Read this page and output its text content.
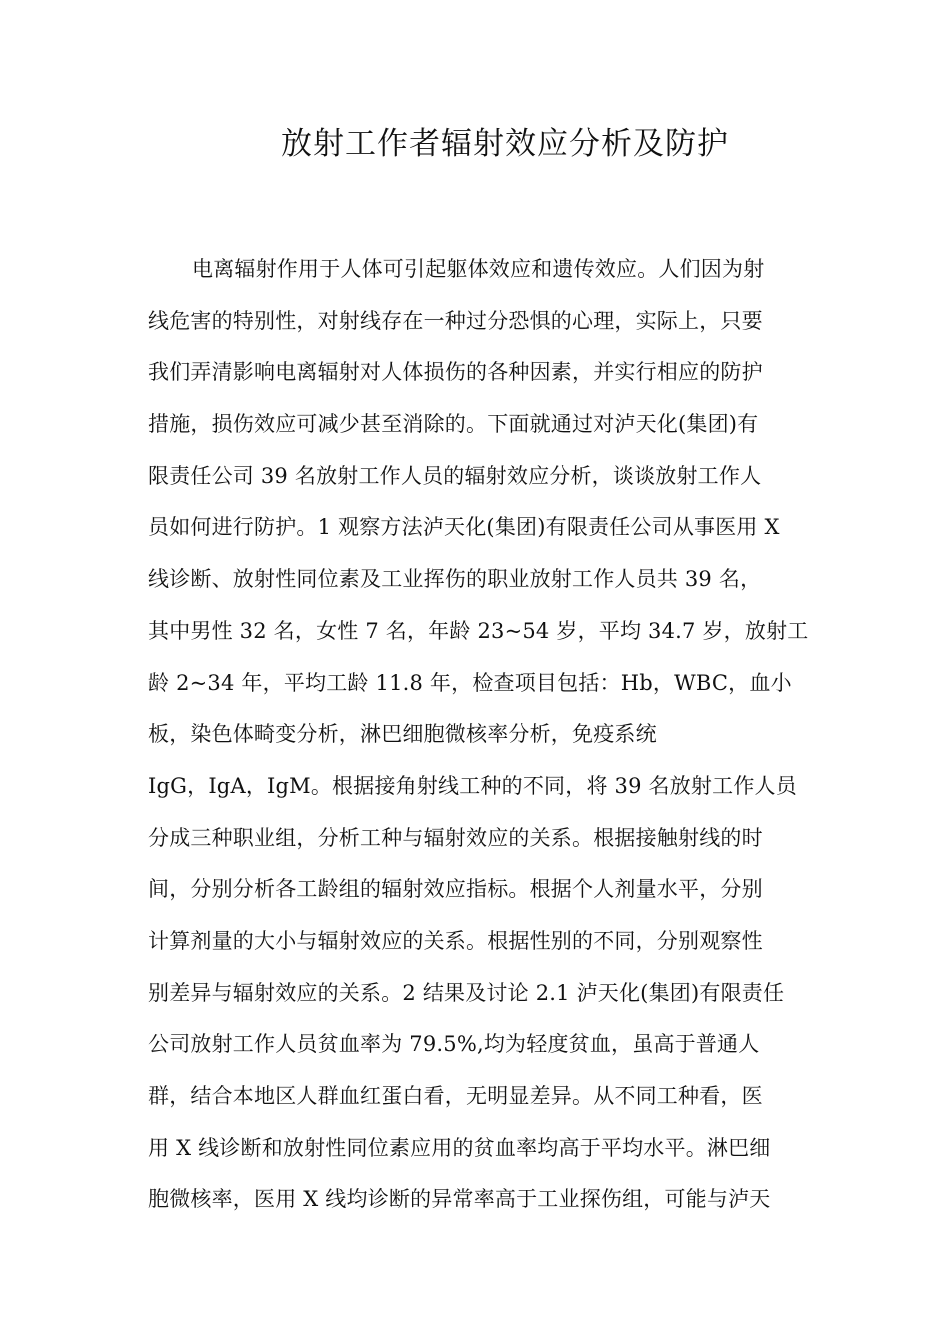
放射工作者辐射效应分析及防护
电离辐射作用于人体可引起躯体效应和遗传效应。人们因为射
线危害的特别性，对射线存在一种过分恐惧的心理，实际上，只要
我们弄清影响电离辐射对人体损伤的各种因素，并实行相应的防护
措施，损伤效应可减少甚至消除的。下面就通过对泸天化(集团)有
限责任公司 39 名放射工作人员的辐射效应分析，谈谈放射工作人
员如何进行防护。1 观察方法泸天化(集团)有限责任公司从事医用 X
线诊断、放射性同位素及工业挥伤的职业放射工作人员共 39 名，
其中男性 32 名，女性 7 名，年龄 23~54 岁，平均 34.7 岁，放射工
龄 2~34 年，平均工龄 11.8 年，检查项目包括：Hb，WBC，血小
板，染色体畸变分析，淋巴细胞微核率分析，免疫系统
IgG，IgA，IgM。根据接角射线工种的不同，将 39 名放射工作人员
分成三种职业组，分析工种与辐射效应的关系。根据接触射线的时
间，分别分析各工龄组的辐射效应指标。根据个人剂量水平，分别
计算剂量的大小与辐射效应的关系。根据性别的不同，分别观察性
别差异与辐射效应的关系。2 结果及讨论 2.1 泸天化(集团)有限责任
公司放射工作人员贫血率为 79.5%,均为轻度贫血，虽高于普通人
群，结合本地区人群血红蛋白看，无明显差异。从不同工种看，医
用 X 线诊断和放射性同位素应用的贫血率均高于平均水平。淋巴细
胞微核率，医用 X 线均诊断的异常率高于工业探伤组，可能与泸天
